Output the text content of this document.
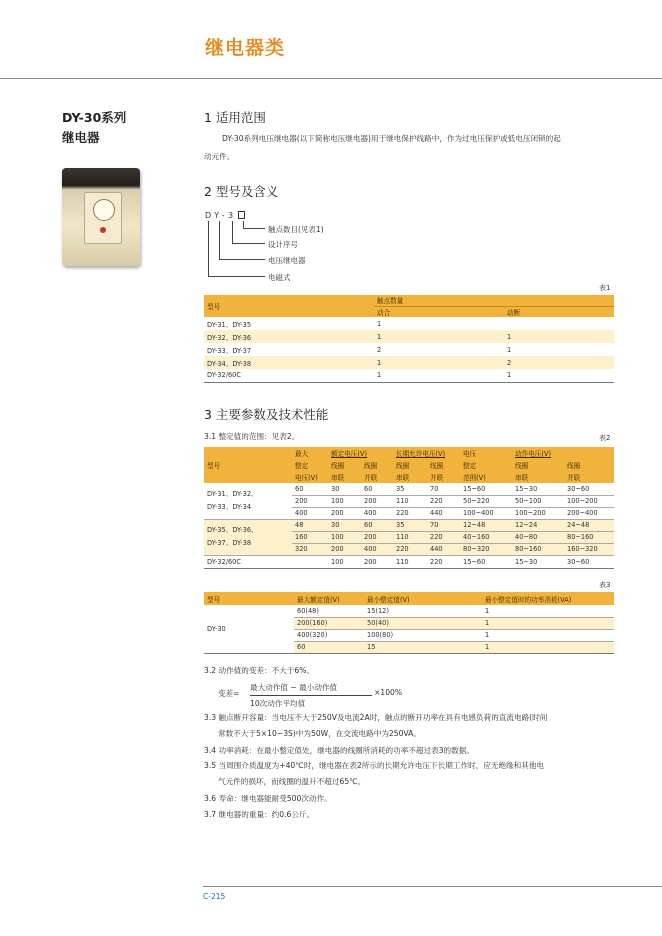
继电器类
DY-30系列
继电器
1 适用范围
DY-30系列电压继电器(以下简称电压继电器)用于继电保护线路中，作为过电压保护或低电压闭锁的起
动元件。
2 型号及含义
DY-3
触点数目(见表1)
设计序号
电压继电器
电磁式
表1
型号	触点数量	
	动合	动断
DY-31、DY-35	1	
DY-32、DY-36	1	1
DY-33、DY-37	2	1
DY-34、DY-38	1	2
DY-32/60C	1	1
3 主要参数及技术性能
3.1 整定值的范围：见表2。	表2
型号	最大	额定电压(V)		长期允许电压(V)		电压	动作电压(V)	
	整定	线圈	线圈	线圈	线圈	整定	线圈	线圈
	电压(V)	串联	并联	串联	并联	范围(V)	串联	并联

DY-31、DY-32、
DY-33、DY-34	60	30	60	35	70	15~60	15~30	30~60
	200	100	200	110	220	50~220	50~100	100~200
	400	200	400	220	440	100~400	100~200	200~400

DY-35、DY-36、
DY-37、DY-38	48	30	60	35	70	12~48	12~24	24~48
	160	100	200	110	220	40~160	40~80	80~160
	320	200	400	220	440	80~320	80~160	160~320
DY-32/60C		100	200	110	220	15~60	15~30	30~60
表3
型号	最大额定值(V)	最小整定值(V)	最小整定值时的功率消耗(VA)
DY-30	60(48)	15(12)	1
	200(160)	50(40)	1
	400(320)	100(80)	1
	60	15	1
3.2 动作值的变差：不大于6%。
变差=
最大动作值 − 最小动作值
10次动作平均值
×100%
3.3 触点断开容量：当电压不大于250V及电流2A时，触点的断开功率在具有电感负荷的直流电路(时间
常数不大于5×10−3S)中为50W，在交流电路中为250VA。
3.4 功率消耗：在最小整定值处，继电器的线圈所消耗的功率不超过表3的数据。
3.5 当周围介质温度为+40℃时，继电器在表2所示的长期允许电压下长期工作时，应无绝缘和其他电
气元件的损坏，而线圈的温升不超过65℃。
3.6 寿命：继电器能耐受500次动作。
3.7 继电器的重量：约0.6公斤。
C-215
